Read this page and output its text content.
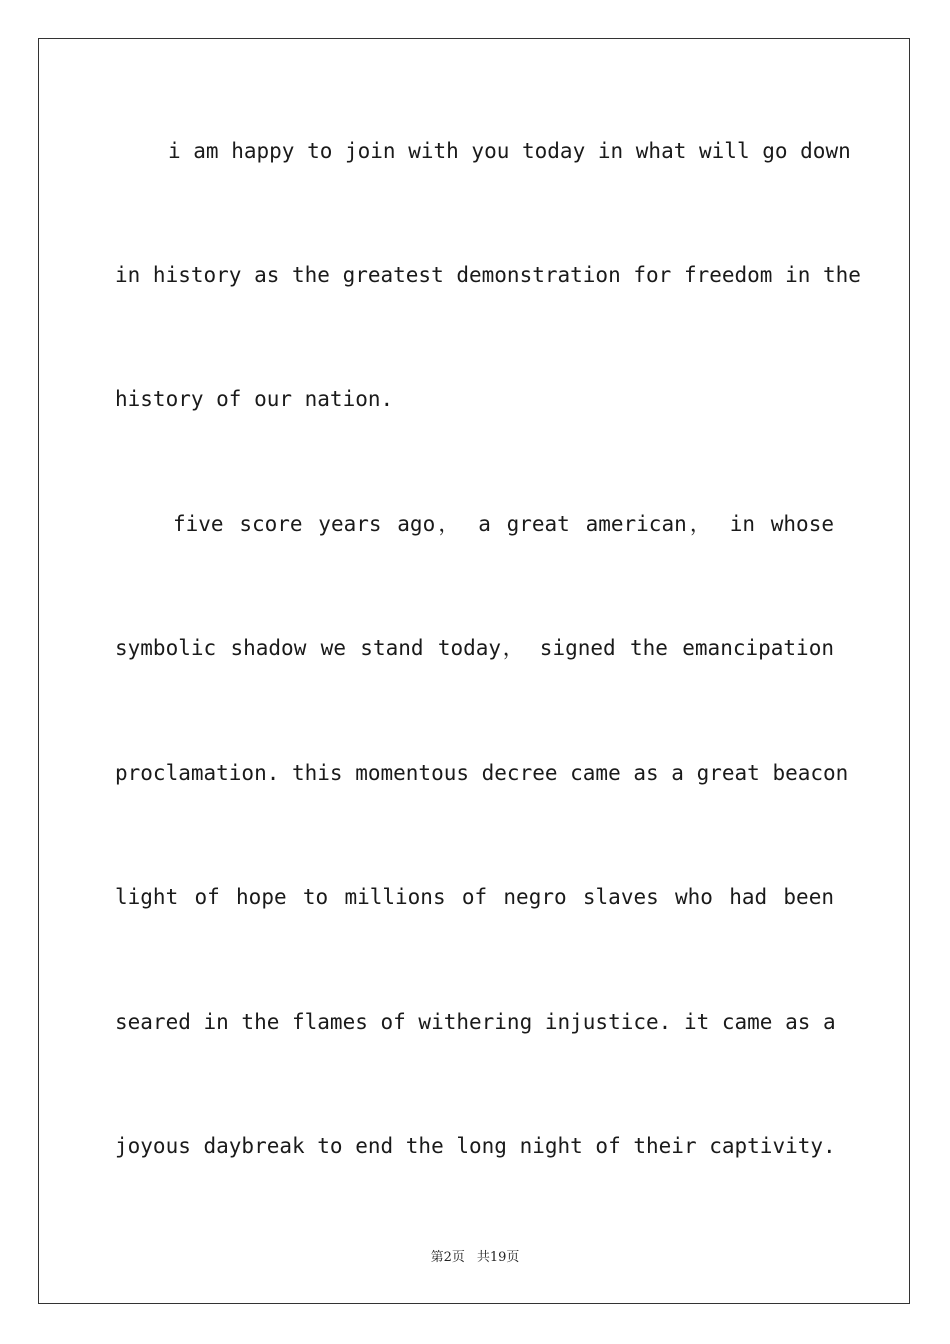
i am happy to join with you today in what will go down
in history as the greatest demonstration for freedom in the
history of our nation.
five score years ago， a great american， in whose
symbolic shadow we stand today， signed the emancipation
proclamation. this momentous decree came as a great beacon
light of hope to millions of negro slaves who had been
seared in the flames of withering injustice. it came as a
joyous daybreak to end the long night of their captivity.
第2页 共19页
